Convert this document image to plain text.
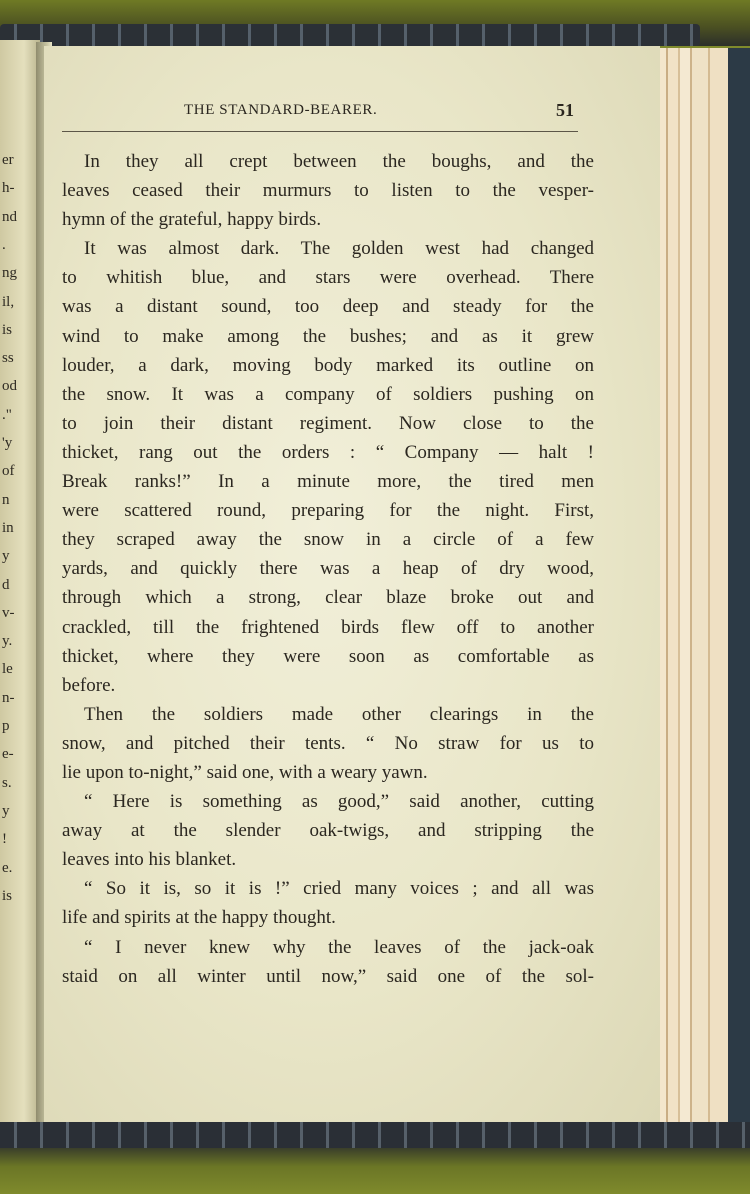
er
h-
nd
.
ng
il,
is
ss
od
."
'y
of
n
in
y
d
v-
y.
le
n-
p
e-
s.
y
!
e.
is
THE STANDARD-BEARER.	51
In they all crept between the boughs, and the
leaves ceased their murmurs to listen to the vesper-
hymn of the grateful, happy birds.
It was almost dark. The golden west had changed
to whitish blue, and stars were overhead. There
was a distant sound, too deep and steady for the
wind to make among the bushes; and as it grew
louder, a dark, moving body marked its outline on
the snow. It was a company of soldiers pushing on
to join their distant regiment. Now close to the
thicket, rang out the orders : “ Company — halt !
Break ranks!” In a minute more, the tired men
were scattered round, preparing for the night. First,
they scraped away the snow in a circle of a few
yards, and quickly there was a heap of dry wood,
through which a strong, clear blaze broke out and
crackled, till the frightened birds flew off to another
thicket, where they were soon as comfortable as
before.
Then the soldiers made other clearings in the
snow, and pitched their tents. “ No straw for us to
lie upon to-night,” said one, with a weary yawn.
“ Here is something as good,” said another, cutting
away at the slender oak-twigs, and stripping the
leaves into his blanket.
“ So it is, so it is !” cried many voices ; and all was
life and spirits at the happy thought.
“ I never knew why the leaves of the jack-oak
staid on all winter until now,” said one of the sol-
